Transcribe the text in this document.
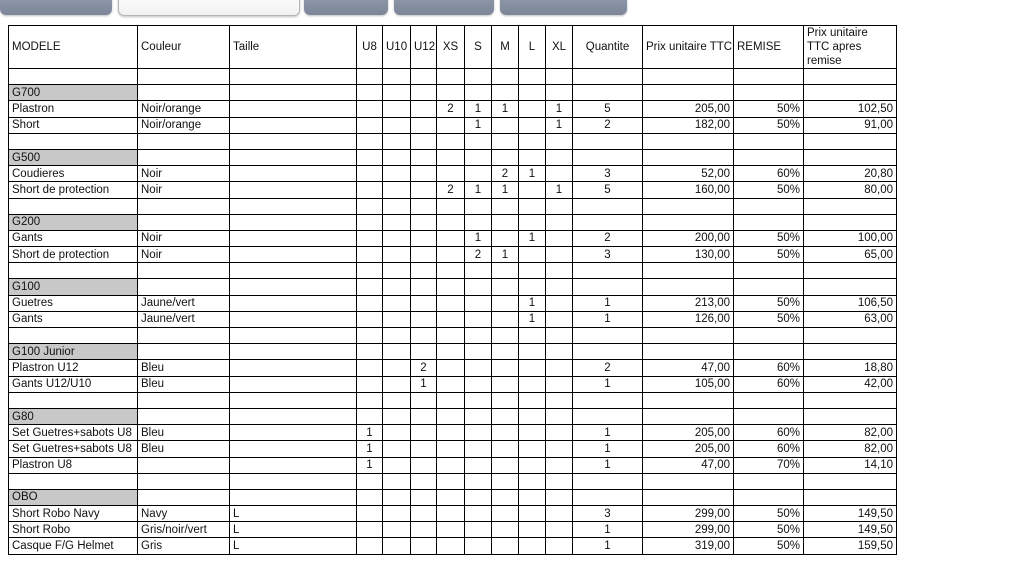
MODELE	Couleur	Taille	U8	U10	U12	XS	S	M	L	XL	Quantite	Prix unitaire TTC	REMISE	Prix unitaire TTC apres remise

G700														
Plastron	Noir/orange					2	1	1		1	5	205,00	50%	102,50
Short	Noir/orange						1			1	2	182,00	50%	91,00

G500														
Coudieres	Noir							2	1		3	52,00	60%	20,80
Short de protection	Noir					2	1	1		1	5	160,00	50%	80,00

G200														
Gants	Noir						1		1		2	200,00	50%	100,00
Short de protection	Noir						2	1			3	130,00	50%	65,00

G100														
Guetres	Jaune/vert								1		1	213,00	50%	106,50
Gants	Jaune/vert								1		1	126,00	50%	63,00

G100 Junior														
Plastron U12	Bleu				2						2	47,00	60%	18,80
Gants U12/U10	Bleu				1						1	105,00	60%	42,00

G80														
Set Guetres+sabots U8	Bleu		1								1	205,00	60%	82,00
Set Guetres+sabots U8	Bleu		1								1	205,00	60%	82,00
Plastron U8			1								1	47,00	70%	14,10

OBO														
Short Robo Navy	Navy	L									3	299,00	50%	149,50
Short Robo	Gris/noir/vert	L									1	299,00	50%	149,50
Casque F/G Helmet	Gris	L									1	319,00	50%	159,50
